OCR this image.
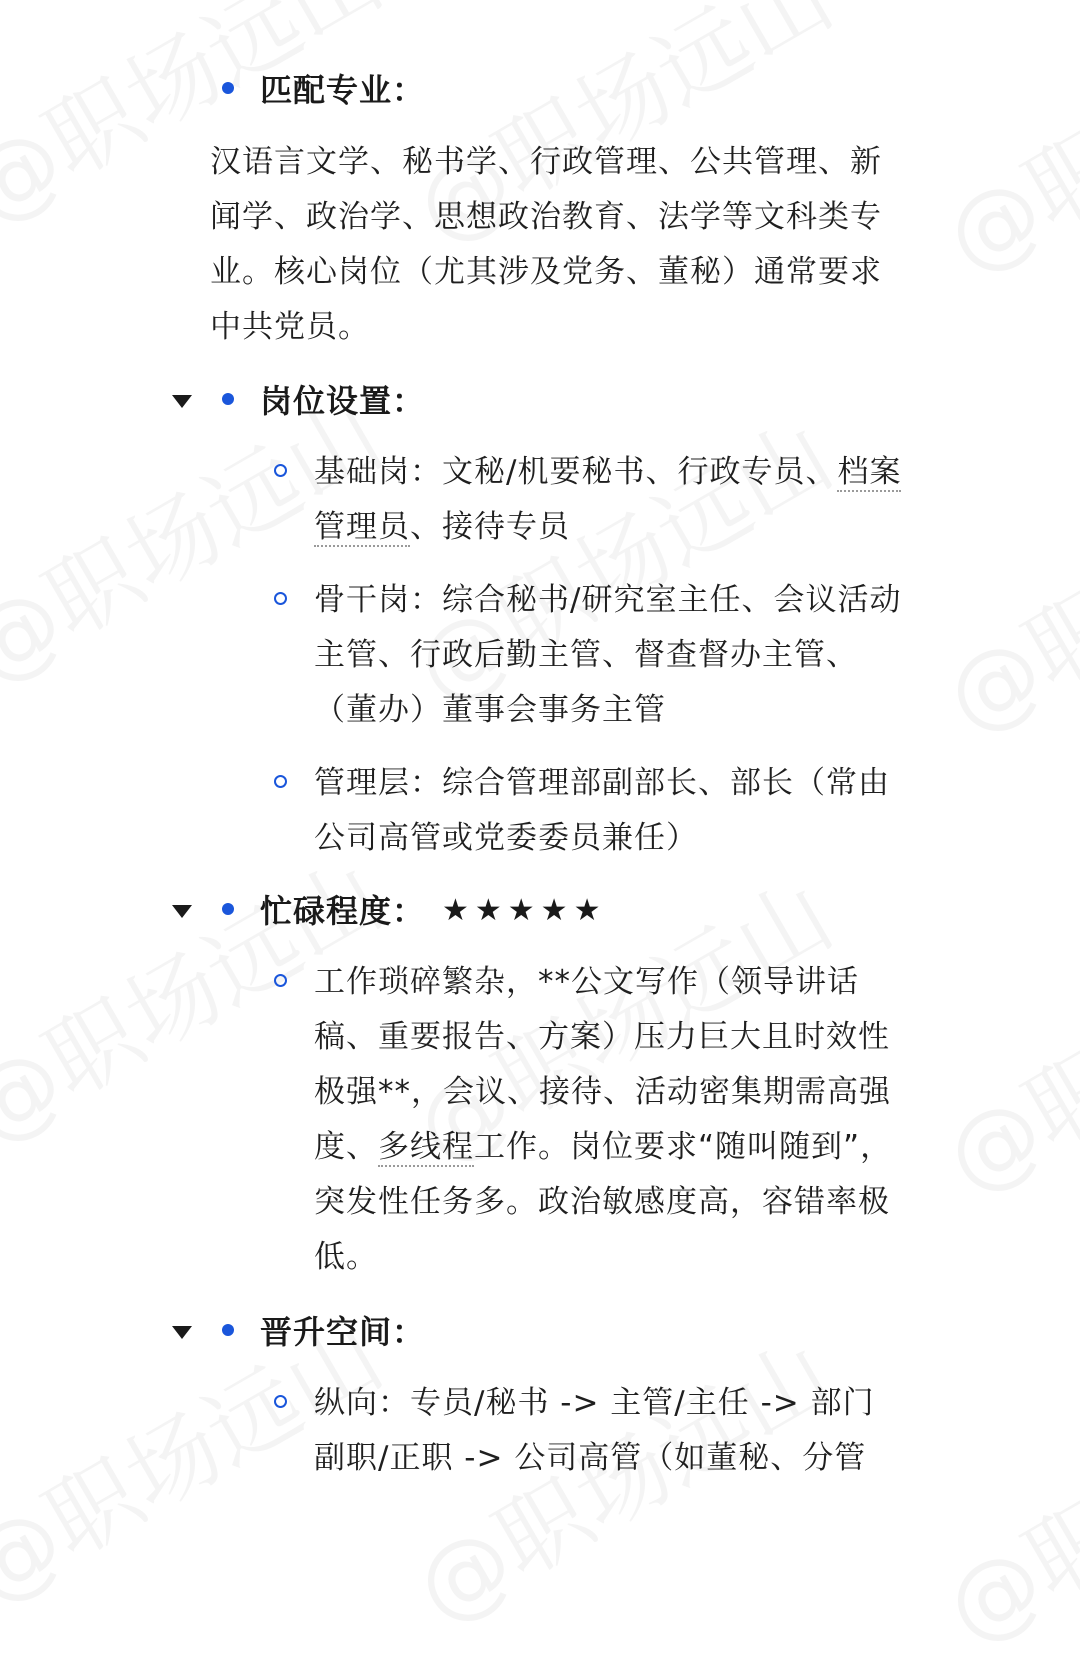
匹配专业：
汉语言文学、秘书学、行政管理、公共管理、新闻学、政治学、思想政治教育、法学等文科类专业。核心岗位（尤其涉及党务、董秘）通常要求中共党员。
岗位设置：
基础岗：文秘/机要秘书、行政专员、档案管理员、接待专员
骨干岗：综合秘书/研究室主任、会议活动主管、行政后勤主管、督查督办主管、（董办）董事会事务主管
管理层：综合管理部副部长、部长（常由公司高管或党委委员兼任）
忙碌程度： ★★★★★
工作琐碎繁杂，**公文写作（领导讲话稿、重要报告、方案）压力巨大且时效性极强**，会议、接待、活动密集期需高强度、多线程工作。岗位要求“随叫随到”，突发性任务多。政治敏感度高，容错率极低。
晋升空间：
纵向：专员/秘书 -> 主管/主任 -> 部门副职/正职 -> 公司高管（如董秘、分管
